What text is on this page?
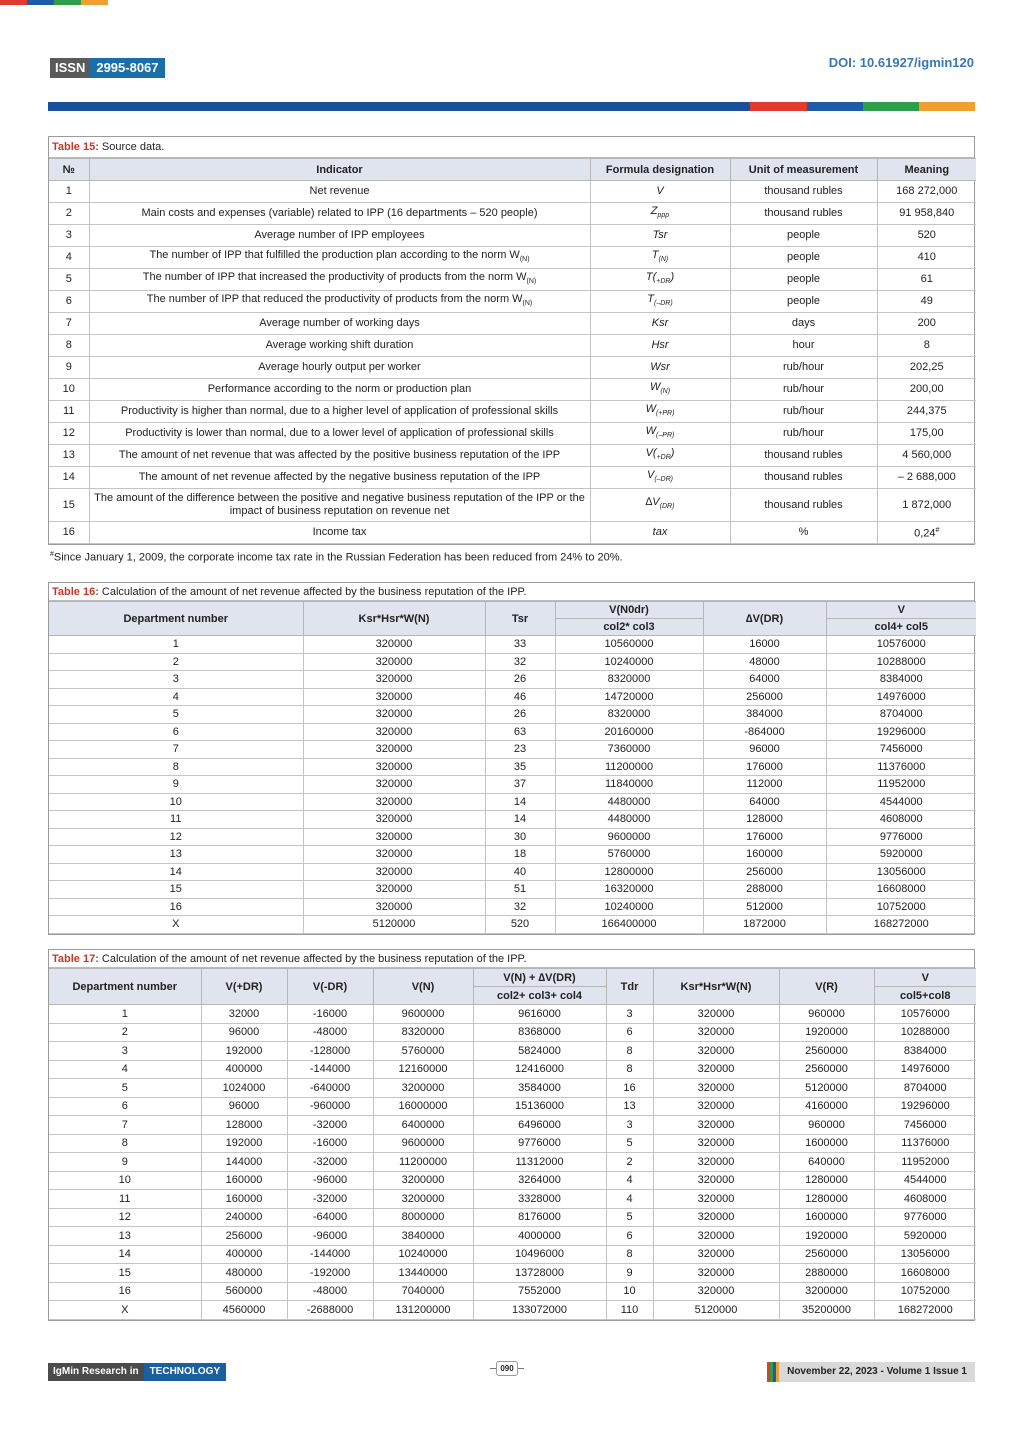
ISSN 2995-8067	DOI: 10.61927/igmin120
Table 15: Source data.
№	Indicator	Formula designation	Unit of measurement	Meaning
1	Net revenue	V	thousand rubles	168 272,000
2	Main costs and expenses (variable) related to IPP (16 departments – 520 people)	$Z_{ppp}$	thousand rubles	91 958,840
3	Average number of IPP employees	Tsr	people	520
4	The number of IPP that fulfilled the production plan according to the norm $W_{(N)}$	$T_{(N)}$	people	410
5	The number of IPP that increased the productivity of products from the norm $W_{(N)}$	$T(_{+DR})$	people	61
6	The number of IPP that reduced the productivity of products from the norm $W_{(N)}$	$T_{(-DR)}$	people	49
7	Average number of working days	Ksr	days	200
8	Average working shift duration	Hsr	hour	8
9	Average hourly output per worker	Wsr	rub/hour	202,25
10	Performance according to the norm or production plan	$W_{(N)}$	rub/hour	200,00
11	Productivity is higher than normal, due to a higher level of application of professional skills	$W_{(+PR)}$	rub/hour	244,375
12	Productivity is lower than normal, due to a lower level of application of professional skills	$W_{(-PR)}$	rub/hour	175,00
13	The amount of net revenue that was affected by the positive business reputation of the IPP	$V(_{+DR})$	thousand rubles	4 560,000
14	The amount of net revenue affected by the negative business reputation of the IPP	$V_{(-DR)}$	thousand rubles	– 2 688,000
15	The amount of the difference between the positive and negative business reputation of the IPP or the impact of business reputation on revenue net	$\Delta V_{(DR)}$	thousand rubles	1 872,000
16	Income tax	tax	%	0,24#
#Since January 1, 2009, the corporate income tax rate in the Russian Federation has been reduced from 24% to 20%.
Table 16: Calculation of the amount of net revenue affected by the business reputation of the IPP.
Department number	Ksr*Hsr*W(N)	Tsr	V(N0dr)	∆V(DR)	V
			col2* col3		col4+ col5
1	320000	33	10560000	16000	10576000
2	320000	32	10240000	48000	10288000
3	320000	26	8320000	64000	8384000
4	320000	46	14720000	256000	14976000
5	320000	26	8320000	384000	8704000
6	320000	63	20160000	-864000	19296000
7	320000	23	7360000	96000	7456000
8	320000	35	11200000	176000	11376000
9	320000	37	11840000	112000	11952000
10	320000	14	4480000	64000	4544000
11	320000	14	4480000	128000	4608000
12	320000	30	9600000	176000	9776000
13	320000	18	5760000	160000	5920000
14	320000	40	12800000	256000	13056000
15	320000	51	16320000	288000	16608000
16	320000	32	10240000	512000	10752000
X	5120000	520	166400000	1872000	168272000
Table 17: Calculation of the amount of net revenue affected by the business reputation of the IPP.
Department number	V(+DR)	V(-DR)	V(N)	V(N) + ∆V(DR)	Tdr	Ksr*Hsr*W(N)	V(R)	V
				col2+ col3+ col4				col5+col8
1	32000	-16000	9600000	9616000	3	320000	960000	10576000
2	96000	-48000	8320000	8368000	6	320000	1920000	10288000
3	192000	-128000	5760000	5824000	8	320000	2560000	8384000
4	400000	-144000	12160000	12416000	8	320000	2560000	14976000
5	1024000	-640000	3200000	3584000	16	320000	5120000	8704000
6	96000	-960000	16000000	15136000	13	320000	4160000	19296000
7	128000	-32000	6400000	6496000	3	320000	960000	7456000
8	192000	-16000	9600000	9776000	5	320000	1600000	11376000
9	144000	-32000	11200000	11312000	2	320000	640000	11952000
10	160000	-96000	3200000	3264000	4	320000	1280000	4544000
11	160000	-32000	3200000	3328000	4	320000	1280000	4608000
12	240000	-64000	8000000	8176000	5	320000	1600000	9776000
13	256000	-96000	3840000	4000000	6	320000	1920000	5920000
14	400000	-144000	10240000	10496000	8	320000	2560000	13056000
15	480000	-192000	13440000	13728000	9	320000	2880000	16608000
16	560000	-48000	7040000	7552000	10	320000	3200000	10752000
X	4560000	-2688000	131200000	133072000	110	5120000	35200000	168272000
IgMin Research in	TECHNOLOGY	090	November 22, 2023 - Volume 1 Issue 1
